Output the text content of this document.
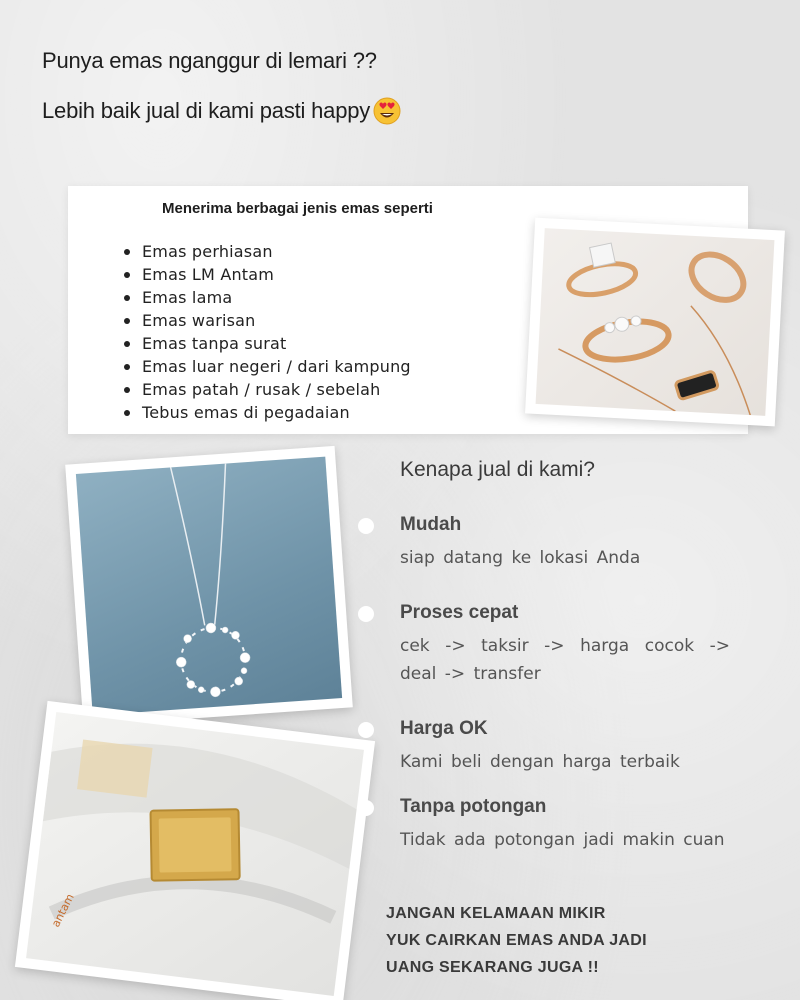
Punya emas nganggur di lemari ??
Lebih baik jual di kami pasti happy
Menerima berbagai jenis emas seperti
Emas perhiasan
Emas LM Antam
Emas lama
Emas warisan
Emas tanpa surat
Emas luar negeri / dari kampung
Emas patah / rusak / sebelah
Tebus emas di pegadaian
antam
Kenapa jual di kami?
Mudah
siap datang ke lokasi Anda
Proses cepat
cek -> taksir -> harga cocok -> deal -> transfer
Harga OK
Kami beli dengan harga terbaik
Tanpa potongan
Tidak ada potongan jadi makin cuan
JANGAN KELAMAAN MIKIR
YUK CAIRKAN EMAS ANDA JADI
UANG SEKARANG JUGA !!
